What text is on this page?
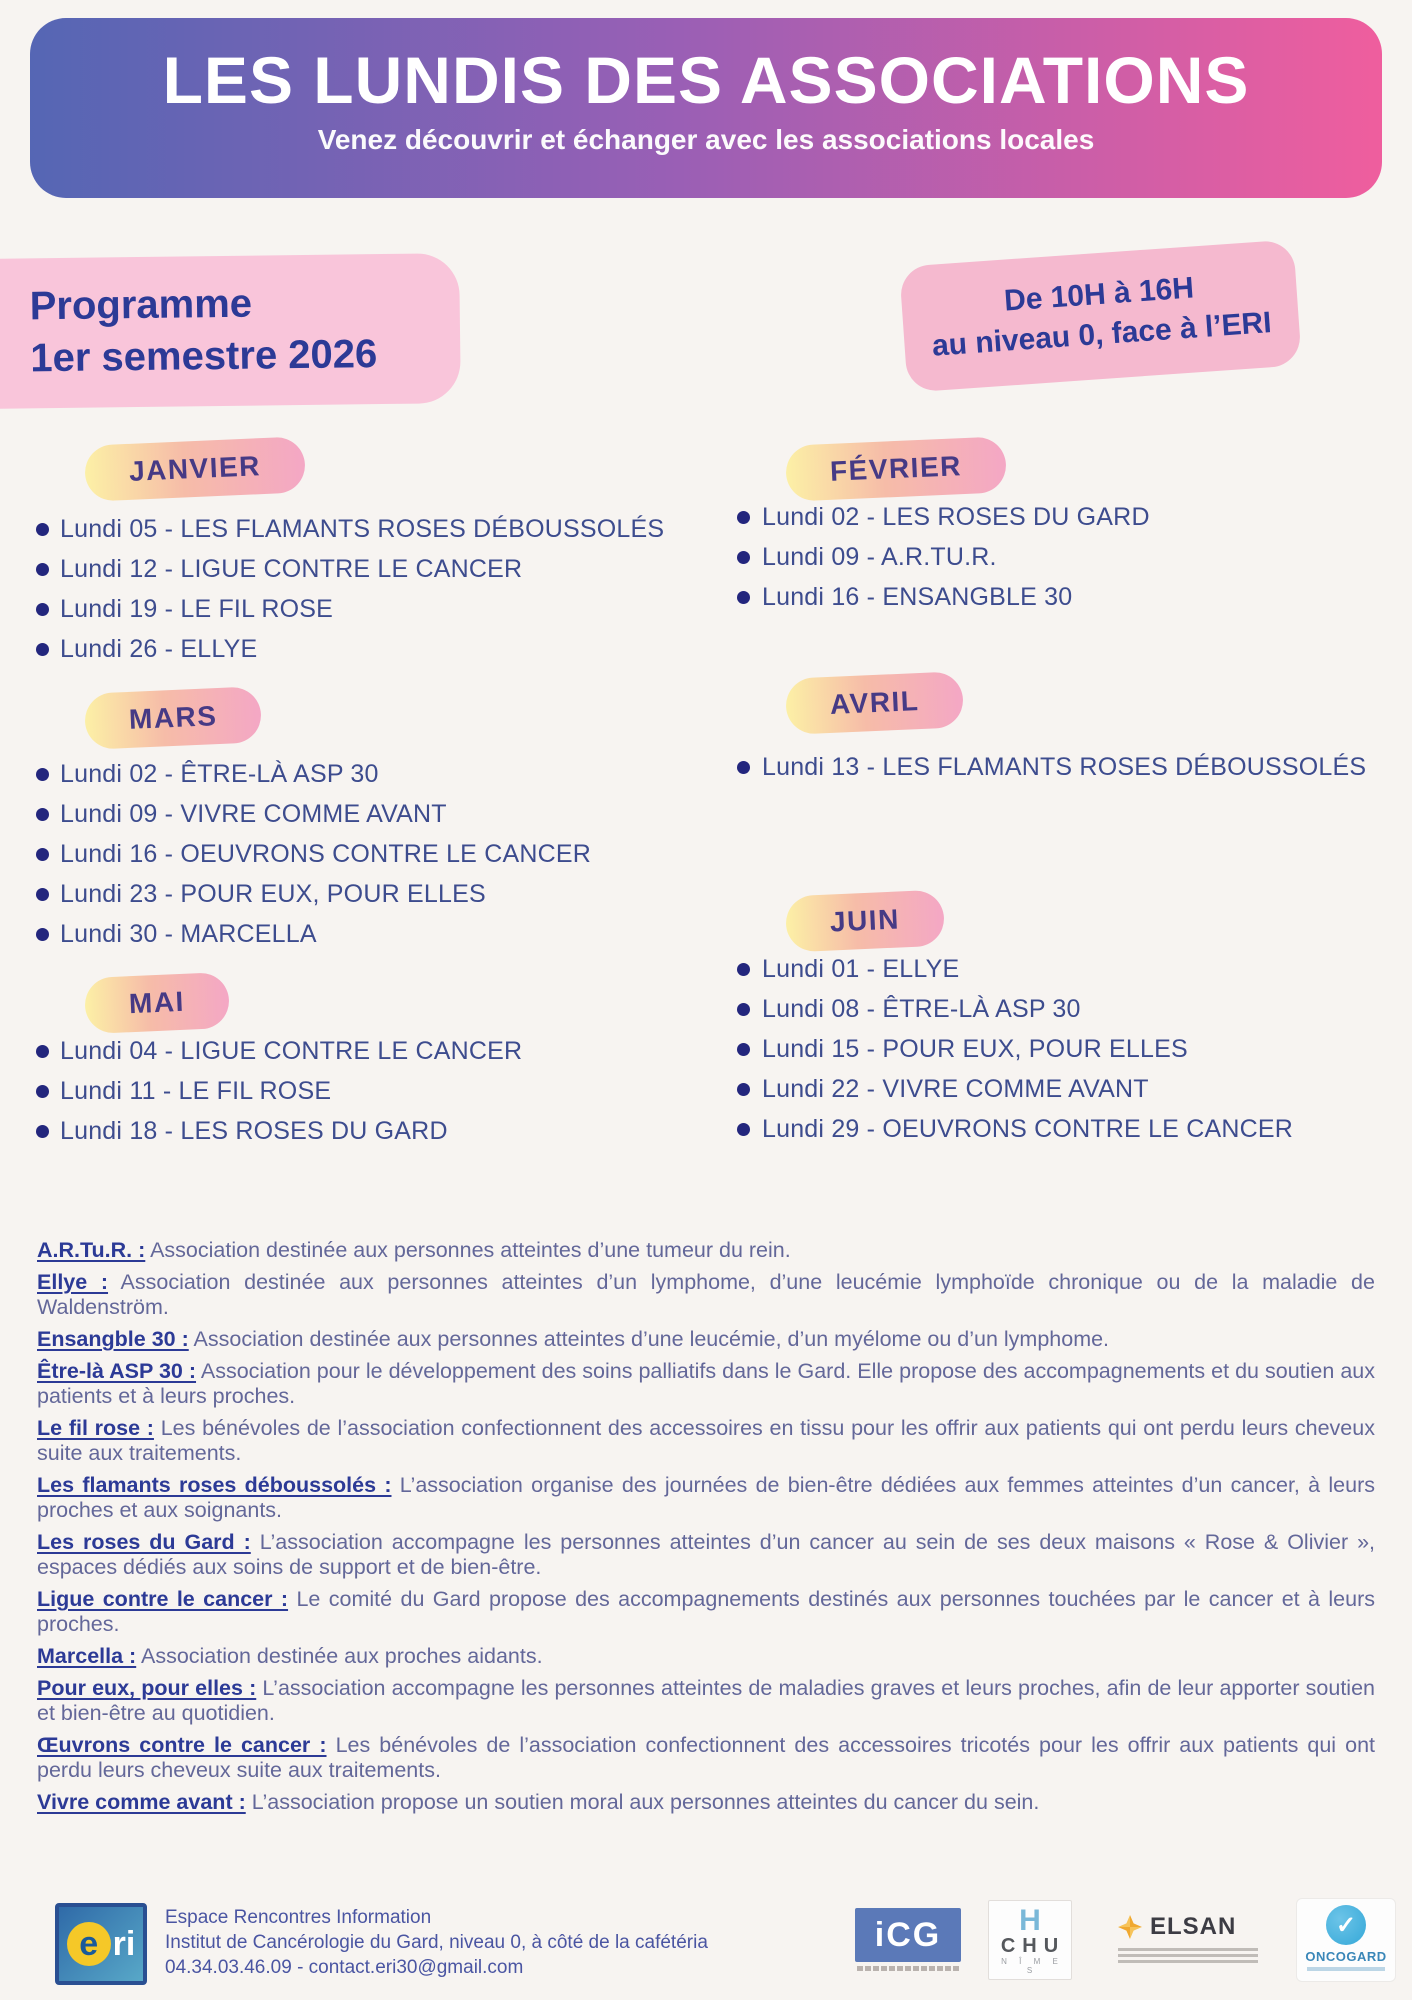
LES LUNDIS DES ASSOCIATIONS
Venez découvrir et échanger avec les associations locales
Programme
1er semestre 2026
De 10H à 16H
au niveau 0, face à l’ERI
JANVIER
Lundi 05 - LES FLAMANTS ROSES DÉBOUSSOLÉS
Lundi 12 - LIGUE CONTRE LE CANCER
Lundi 19 - LE FIL ROSE
Lundi 26 - ELLYE
FÉVRIER
Lundi 02 - LES ROSES DU GARD
Lundi 09 - A.R.TU.R.
Lundi 16 - ENSANGBLE 30
MARS
Lundi 02 - ÊTRE-LÀ ASP 30
Lundi 09 - VIVRE COMME AVANT
Lundi 16 - OEUVRONS CONTRE LE CANCER
Lundi 23 - POUR EUX, POUR ELLES
Lundi 30 - MARCELLA
AVRIL
Lundi 13 - LES FLAMANTS ROSES DÉBOUSSOLÉS
MAI
Lundi 04 - LIGUE CONTRE LE CANCER
Lundi 11 - LE FIL ROSE
Lundi 18 - LES ROSES DU GARD
JUIN
Lundi 01 - ELLYE
Lundi 08 - ÊTRE-LÀ ASP 30
Lundi 15 - POUR EUX, POUR ELLES
Lundi 22 - VIVRE COMME AVANT
Lundi 29 - OEUVRONS CONTRE LE CANCER

A.R.Tu.R. : Association destinée aux personnes atteintes d’une tumeur du rein.

Ellye : Association destinée aux personnes atteintes d’un lymphome, d’une leucémie lymphoïde chronique ou de la maladie de Waldenström.

Ensangble 30 : Association destinée aux personnes atteintes d’une leucémie, d’un myélome ou d’un lymphome.

Être-là ASP 30 : Association pour le développement des soins palliatifs dans le Gard. Elle propose des accompagnements et du soutien aux patients et à leurs proches.

Le fil rose : Les bénévoles de l’association confectionnent des accessoires en tissu pour les offrir aux patients qui ont perdu leurs cheveux suite aux traitements.

Les flamants roses déboussolés : L’association organise des journées de bien-être dédiées aux femmes atteintes d’un cancer, à leurs proches et aux soignants.

Les roses du Gard : L’association accompagne les personnes atteintes d’un cancer au sein de ses deux maisons « Rose & Olivier », espaces dédiés aux soins de support et de bien-être.

Ligue contre le cancer : Le comité du Gard propose des accompagnements destinés aux personnes touchées par le cancer et à leurs proches.

Marcella : Association destinée aux proches aidants.

Pour eux, pour elles : L’association accompagne les personnes atteintes de maladies graves et leurs proches, afin de leur apporter soutien et bien-être au quotidien.

Œuvrons contre le cancer : Les bénévoles de l’association confectionnent des accessoires tricotés pour les offrir aux patients qui ont perdu leurs cheveux suite aux traitements.

Vivre comme avant : L’association propose un soutien moral aux personnes atteintes du cancer du sein.

e ri
Espace Rencontres Information
Institut de Cancérologie du Gard, niveau 0, à côté de la cafétéria
04.34.03.46.09 - contact.eri30@gmail.com
iCG	H
CHU
N Î M E S
ELSAN	✓
ONCOGARD
